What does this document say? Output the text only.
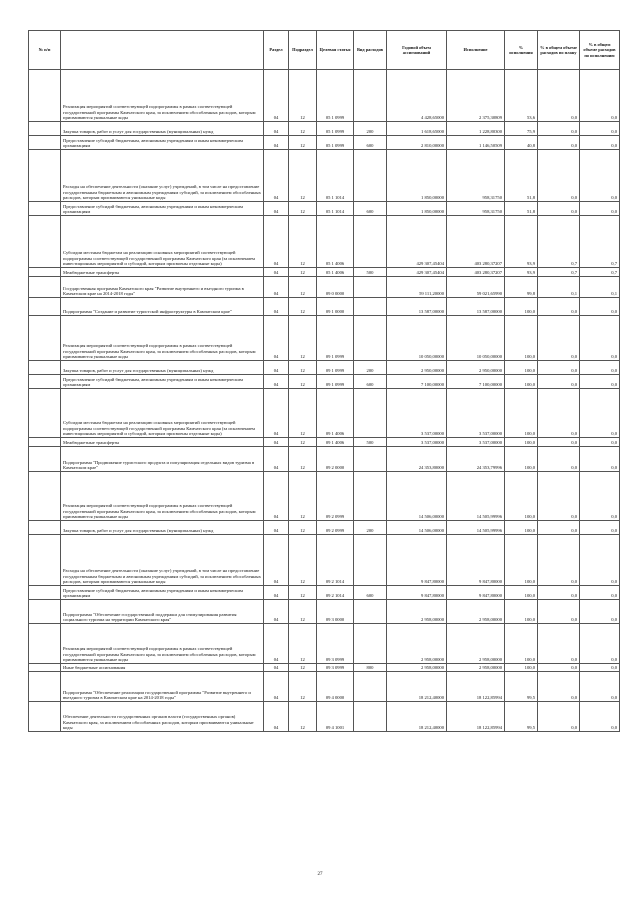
№ п/п		Раздел	Подраздел	Целевая статья	Вид расходов	Годовой объем ассигнований	Исполнение	% исполнения	% в общем объеме расходов по плану	% в общем объеме расходов по исполнению
	Реализация мероприятий соответствующей подпрограммы в рамках соответствующей государственной программы Камчатского края, за исключением обособленных расходов, которым присваиваются уникальные коды	04	12	05 1 0999		4 428,65000	2 375,30809	53,6	0,0	0,0
	Закупка товаров, работ и услуг для государственных (муниципальных) нужд	04	12	05 1 0999	200	1 618,65000	1 228,80300	75,9	0,0	0,0
	Предоставление субсидий бюджетным, автономным учреждениям и иным некоммерческим организациям	04	12	05 1 0999	600	2 810,00000	1 146,50509	40,8	0,0	0,0
	Расходы на обеспечение деятельности (оказание услуг) учреждений, в том числе на предоставление государственным бюджетным и автономным учреждениям субсидий, за исключением обособленных расходов, которым присваиваются уникальные коды	04	12	05 1 1014		1 850,00000	958,31750	51,8	0,0	0,0
	Предоставление субсидий бюджетным, автономным учреждениям и иным некоммерческим организациям	04	12	05 1 1014	600	1 850,00000	958,31750	51,8	0,0	0,0
	Субсидии местным бюджетам на реализацию основных мероприятий соответствующей подпрограммы соответствующей государственной программы Камчатского края (за исключением инвестиционных мероприятий и субсидий, которым присвоены отдельные коды)	04	12	05 1 4006		429 307,45404	403 280,37207	93,9	0,7	0,7
	Межбюджетные трансферты	04	12	05 1 4006	500	429 307,45404	403 280,37207	93,9	0,7	0,7
	Государственная программа Камчатского края "Развитие внутреннего и въездного туризма в Камчатском крае на 2014-2018 годы"	04	12	09 0 0000		59 111,20000	59 021,65990	99,8	0,1	0,1
	Подпрограмма "Создание и развитие туристской инфраструктуры в Камчатском крае"	04	12	09 1 0000		13 587,00000	13 587,00000	100,0	0,0	0,0
	Реализация мероприятий соответствующей подпрограммы в рамках соответствующей государственной программы Камчатского края, за исключением обособленных расходов, которым присваиваются уникальные коды	04	12	09 1 0999		10 050,00000	10 050,00000	100,0	0,0	0,0
	Закупка товаров, работ и услуг для государственных (муниципальных) нужд	04	12	09 1 0999	200	2 950,00000	2 950,00000	100,0	0,0	0,0
	Предоставление субсидий бюджетным, автономным учреждениям и иным некоммерческим организациям	04	12	09 1 0999	600	7 100,00000	7 100,00000	100,0	0,0	0,0
	Субсидии местным бюджетам на реализацию основных мероприятий соответствующей подпрограммы соответствующей государственной программы Камчатского края (за исключением инвестиционных мероприятий и субсидий, которым присвоены отдельные коды)	04	12	09 1 4006		3 537,00000	3 537,00000	100,0	0,0	0,0
	Межбюджетные трансферты	04	12	09 1 4006	500	3 537,00000	3 537,00000	100,0	0,0	0,0
	Подпрограмма "Продвижение туристского продукта и популяризация отдельных видов туризма в Камчатском крае"	04	12	09 2 0000		24 353,80000	24 353,79996	100,0	0,0	0,0
	Реализация мероприятий соответствующей подпрограммы в рамках соответствующей государственной программы Камчатского края, за исключением обособленных расходов, которым присваиваются уникальные коды	04	12	09 2 0999		14 506,00000	14 505,99996	100,0	0,0	0,0
	Закупка товаров, работ и услуг для государственных (муниципальных) нужд	04	12	09 2 0999	200	14 506,00000	14 505,99996	100,0	0,0	0,0
	Расходы на обеспечение деятельности (оказание услуг) учреждений, в том числе на предоставление государственным бюджетным и автономным учреждениям субсидий, за исключением обособленных расходов, которым присваиваются уникальные коды	04	12	09 2 1014		9 847,80000	9 847,80000	100,0	0,0	0,0
	Предоставление субсидий бюджетным, автономным учреждениям и иным некоммерческим организациям	04	12	09 2 1014	600	9 847,80000	9 847,80000	100,0	0,0	0,0
	Подпрограмма "Обеспечение государственной поддержки для стимулирования развития социального туризма на территории Камчатского края"	04	12	09 3 0000		2 958,00000	2 958,00000	100,0	0,0	0,0
	Реализация мероприятий соответствующей подпрограммы в рамках соответствующей государственной программы Камчатского края, за исключением обособленных расходов, которым присваиваются уникальные коды	04	12	09 3 0999		2 958,00000	2 958,00000	100,0	0,0	0,0
	Иные бюджетные ассигнования	04	12	09 3 0999	800	2 958,00000	2 958,00000	100,0	0,0	0,0
	Подпрограмма "Обеспечение реализации государственной программы "Развитие внутреннего и въездного туризма в Камчатском крае на 2014-2018 годы"	04	12	09 4 0000		18 212,40000	18 122,85994	99,5	0,0	0,0
	Обеспечение деятельности государственных органов власти (государственных органов) Камчатского края, за исключением обособленных расходов, которым присваиваются уникальные коды	04	12	09 4 1001		18 212,40000	18 122,85994	99,5	0,0	0,0
27
